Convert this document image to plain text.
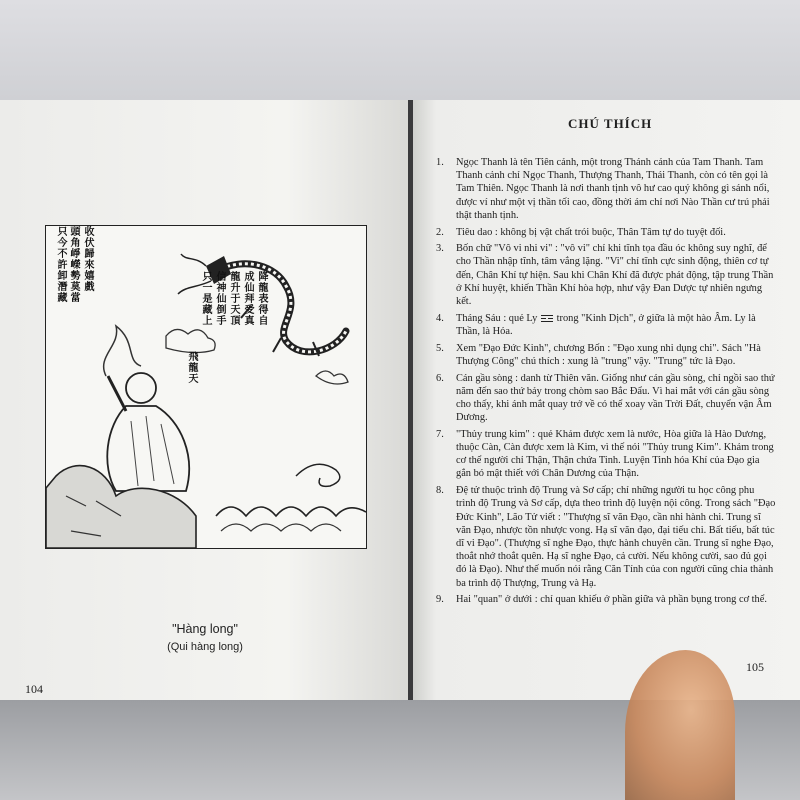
頭角崢嶸勢莫當
只今不許卸潛藏 收伏歸來嬉戲
降龍表得自
成仙拜受真
龍升于天頂
信神仙倒手
只一是藏上
飛龍天
"Hàng long"
(Qui hàng long)
104
CHÚ THÍCH
1. Ngọc Thanh là tên Tiên cảnh, một trong Thánh cảnh của Tam Thanh. Tam Thanh cảnh chỉ Ngọc Thanh, Thượng Thanh, Thái Thanh, còn có tên gọi là Tam Thiên. Ngọc Thanh là nơi thanh tịnh vô hư cao quý không gì sánh nổi, được ví như một vị thần tối cao, đồng thời ám chỉ nơi Nào Thần cư trú phải thật thanh tịnh.
2. Tiêu dao : không bị vật chất trói buộc, Thân Tâm tự do tuyệt đối.
3. Bốn chữ "Vô vi nhi vi" : "vô vi" chỉ khi tĩnh tọa đầu óc không suy nghĩ, để cho Thần nhập tĩnh, tâm vắng lặng. "Vi" chỉ tĩnh cực sinh động, thiên cơ tự đến, Chân Khí tự hiện. Sau khi Chân Khí đã được phát động, tập trung Thần ở Khí huyệt, khiến Thần Khí hòa hợp, như vậy Đan Dược tự nhiên ngưng kết.
4. Tháng Sáu : quẻ Ly trong "Kinh Dịch", ở giữa là một hào Âm. Ly là Thần, là Hỏa.
5. Xem "Đạo Đức Kinh", chương Bốn : "Đạo xung nhi dụng chi". Sách "Hà Thượng Công" chú thích : xung là "trung" vậy. "Trung" tức là Đạo.
6. Cán gầu sòng : danh từ Thiên văn. Giống như cán gầu sòng, chỉ ngồi sao thứ năm đến sao thứ bảy trong chòm sao Bắc Đẩu. Vì hai mắt với cán gầu sòng cho thấy, khi ánh mắt quay trở về có thể xoay vần Trời Đất, chuyển vận Âm Dương.
7. "Thủy trung kim" : quẻ Khảm được xem là nước, Hòa giữa là Hào Dương, thuộc Càn, Càn được xem là Kim, vì thế nói "Thủy trung Kim". Khảm trong cơ thể người chỉ Thận, Thận chứa Tinh. Luyện Tinh hóa Khí của Đạo gia gắn bó mật thiết với Chân Dương của Thận.
8. Đệ tử thuộc trình độ Trung và Sơ cấp; chỉ những người tu học công phu trình độ Trung và Sơ cấp, dựa theo trình độ luyện nội công. Trong sách "Đạo Đức Kinh", Lão Tử viết : "Thượng sĩ văn Đạo, cần nhi hành chi. Trung sĩ văn Đạo, nhược tồn nhược vong. Hạ sĩ văn đạo, đại tiếu chi. Bất tiếu, bất túc dĩ vi Đạo". (Thượng sĩ nghe Đạo, thực hành chuyên cần. Trung sĩ nghe Đạo, thoắt nhớ thoắt quên. Hạ sĩ nghe Đạo, cả cười. Nếu không cười, sao đủ gọi đó là Đạo). Như thế muốn nói rằng Căn Tính của con người cũng chia thành ba trình độ Thượng, Trung và Hạ.
9. Hai "quan" ở dưới : chỉ quan khiếu ở phần giữa và phần bụng trong cơ thể.
105
